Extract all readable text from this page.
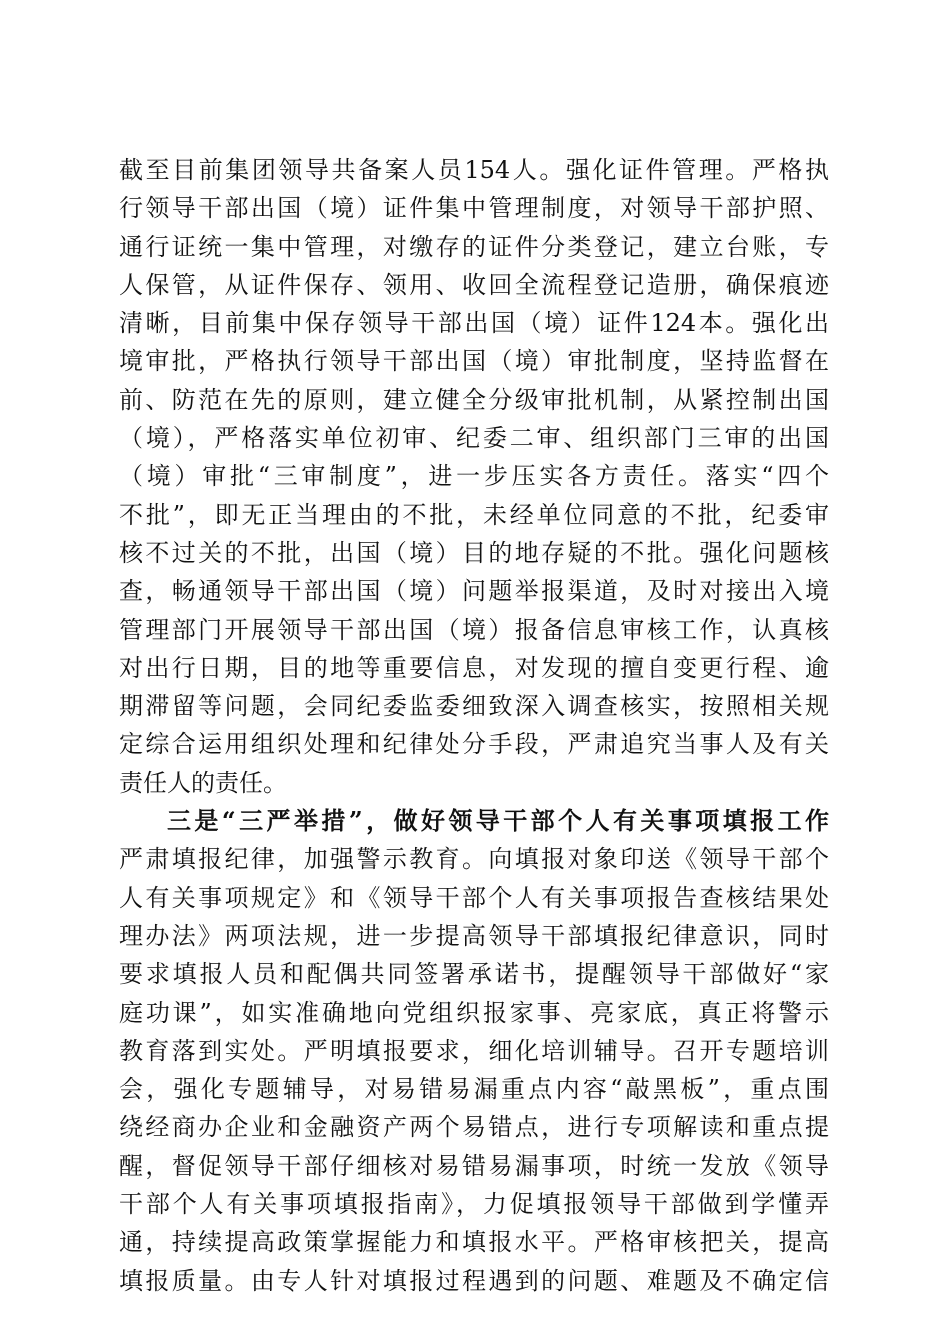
截至目前集团领导共备案人员154人。强化证件管理。严格执
行领导干部出国（境）证件集中管理制度，对领导干部护照、
通行证统一集中管理，对缴存的证件分类登记，建立台账，专
人保管，从证件保存、领用、收回全流程登记造册，确保痕迹
清晰，目前集中保存领导干部出国（境）证件124本。强化出
境审批，严格执行领导干部出国（境）审批制度，坚持监督在
前、防范在先的原则，建立健全分级审批机制，从紧控制出国
（境），严格落实单位初审、纪委二审、组织部门三审的出国
（境）审批“三审制度”，进一步压实各方责任。落实“四个
不批”，即无正当理由的不批，未经单位同意的不批，纪委审
核不过关的不批，出国（境）目的地存疑的不批。强化问题核
查，畅通领导干部出国（境）问题举报渠道，及时对接出入境
管理部门开展领导干部出国（境）报备信息审核工作，认真核
对出行日期，目的地等重要信息，对发现的擅自变更行程、逾
期滞留等问题，会同纪委监委细致深入调查核实，按照相关规
定综合运用组织处理和纪律处分手段，严肃追究当事人及有关
责任人的责任。
三是“三严举措”，做好领导干部个人有关事项填报工作
严肃填报纪律，加强警示教育。向填报对象印送《领导干部个
人有关事项规定》和《领导干部个人有关事项报告查核结果处
理办法》两项法规，进一步提高领导干部填报纪律意识，同时
要求填报人员和配偶共同签署承诺书，提醒领导干部做好“家
庭功课”，如实准确地向党组织报家事、亮家底，真正将警示
教育落到实处。严明填报要求，细化培训辅导。召开专题培训
会，强化专题辅导，对易错易漏重点内容“敲黑板”，重点围
绕经商办企业和金融资产两个易错点，进行专项解读和重点提
醒，督促领导干部仔细核对易错易漏事项，时统一发放《领导
干部个人有关事项填报指南》，力促填报领导干部做到学懂弄
通，持续提高政策掌握能力和填报水平。严格审核把关，提高
填报质量。由专人针对填报过程遇到的问题、难题及不确定信
